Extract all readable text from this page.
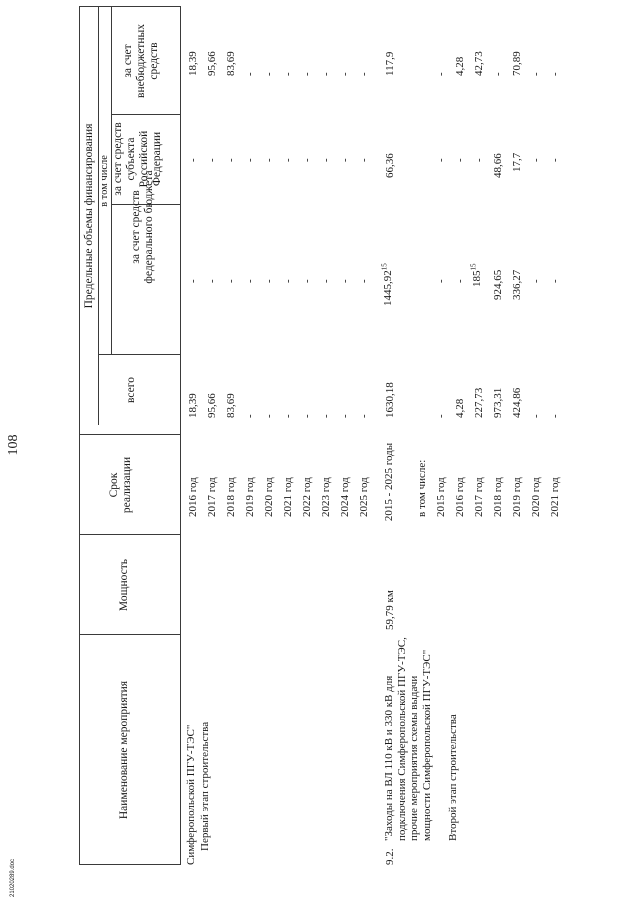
108
Наименование мероприятия
Мощность
Срок реализации
Предельные объемы финансирования
всего
в том числе
за счет средств федерального бюджета
за счет средств субъекта Российской Федерации
за счет внебюджетных средств
Симферопольской ПГУ-ТЭС" Первый этап строительства
2016 год
18,39
-
-
18,39
2017 год
95,66
-
-
95,66
2018 год
83,69
-
-
83,69
2019 год
-
-
-
-
2020 год
-
-
-
-
2021 год
-
-
-
-
2022 год
-
-
-
-
2023 год
-
-
-
-
2024 год
-
-
-
-
2025 год
-
-
-
-
9.2.
"Заходы на ВЛ 110 кВ и 330 кВ для подключения Симферопольской ПГУ-ТЭС, прочие мероприятия схемы выдачи мощности Симферопольской ПГУ-ТЭС"
59,79 км
2015 - 2025 годы
1630,18
1445,92$^{15}$
66,36
117,9
в том числе: 2015 год
-
-
-
-
Второй этап строительства
2016 год
4,28
-
-
4,28
2017 год
227,73
$185^{15}$
-
42,73
2018 год
973,31
924,65
48,66
-
2019 год
424,86
336,27
17,7
70,89
2020 год
-
-
-
-
2021 год
-
-
-
-
21020289.doc
